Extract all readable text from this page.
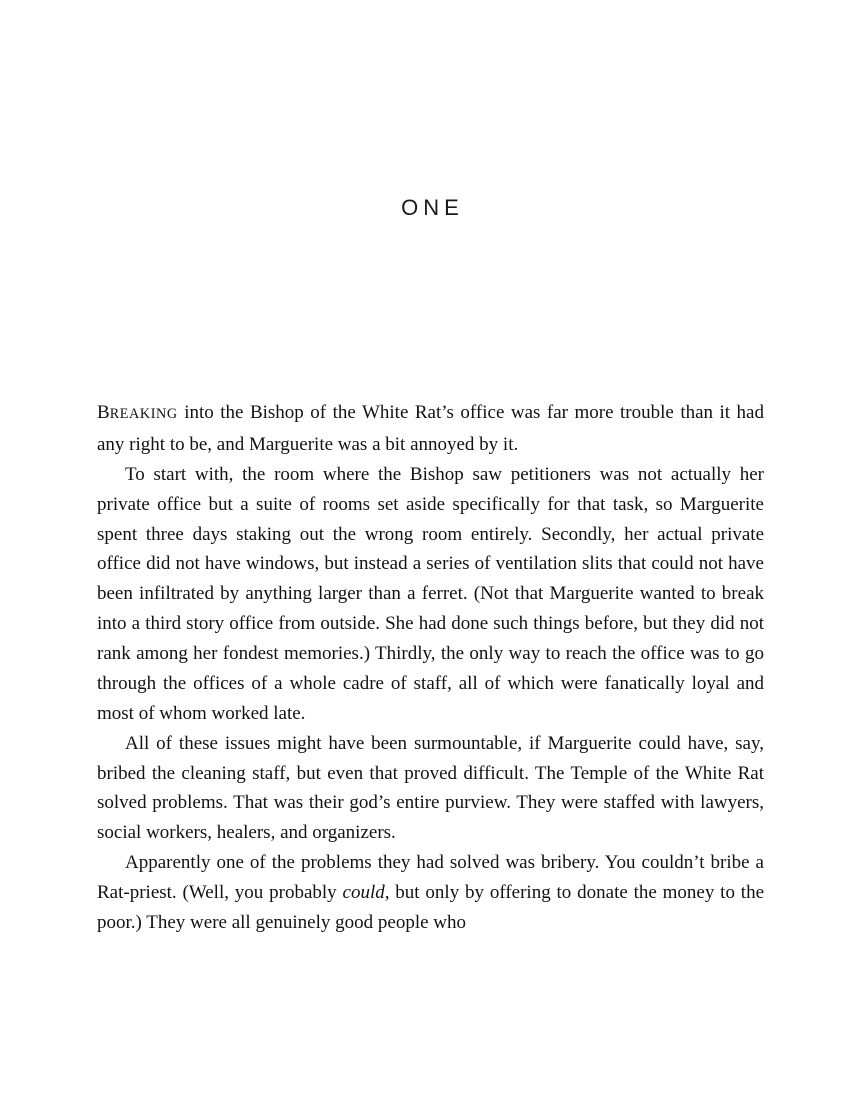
ONE

BREAKING into the Bishop of the White Rat’s office was far more trouble than it had any right to be, and Marguerite was a bit annoyed by it.

To start with, the room where the Bishop saw petitioners was not actually her private office but a suite of rooms set aside specifically for that task, so Marguerite spent three days staking out the wrong room entirely. Secondly, her actual private office did not have windows, but instead a series of ventilation slits that could not have been infiltrated by anything larger than a ferret. (Not that Marguerite wanted to break into a third story office from outside. She had done such things before, but they did not rank among her fondest memories.) Thirdly, the only way to reach the office was to go through the offices of a whole cadre of staff, all of which were fanatically loyal and most of whom worked late.

All of these issues might have been surmountable, if Marguerite could have, say, bribed the cleaning staff, but even that proved difficult. The Temple of the White Rat solved problems. That was their god’s entire purview. They were staffed with lawyers, social workers, healers, and organizers.

Apparently one of the problems they had solved was bribery. You couldn’t bribe a Rat-priest. (Well, you probably could, but only by offering to donate the money to the poor.) They were all genuinely good people who
